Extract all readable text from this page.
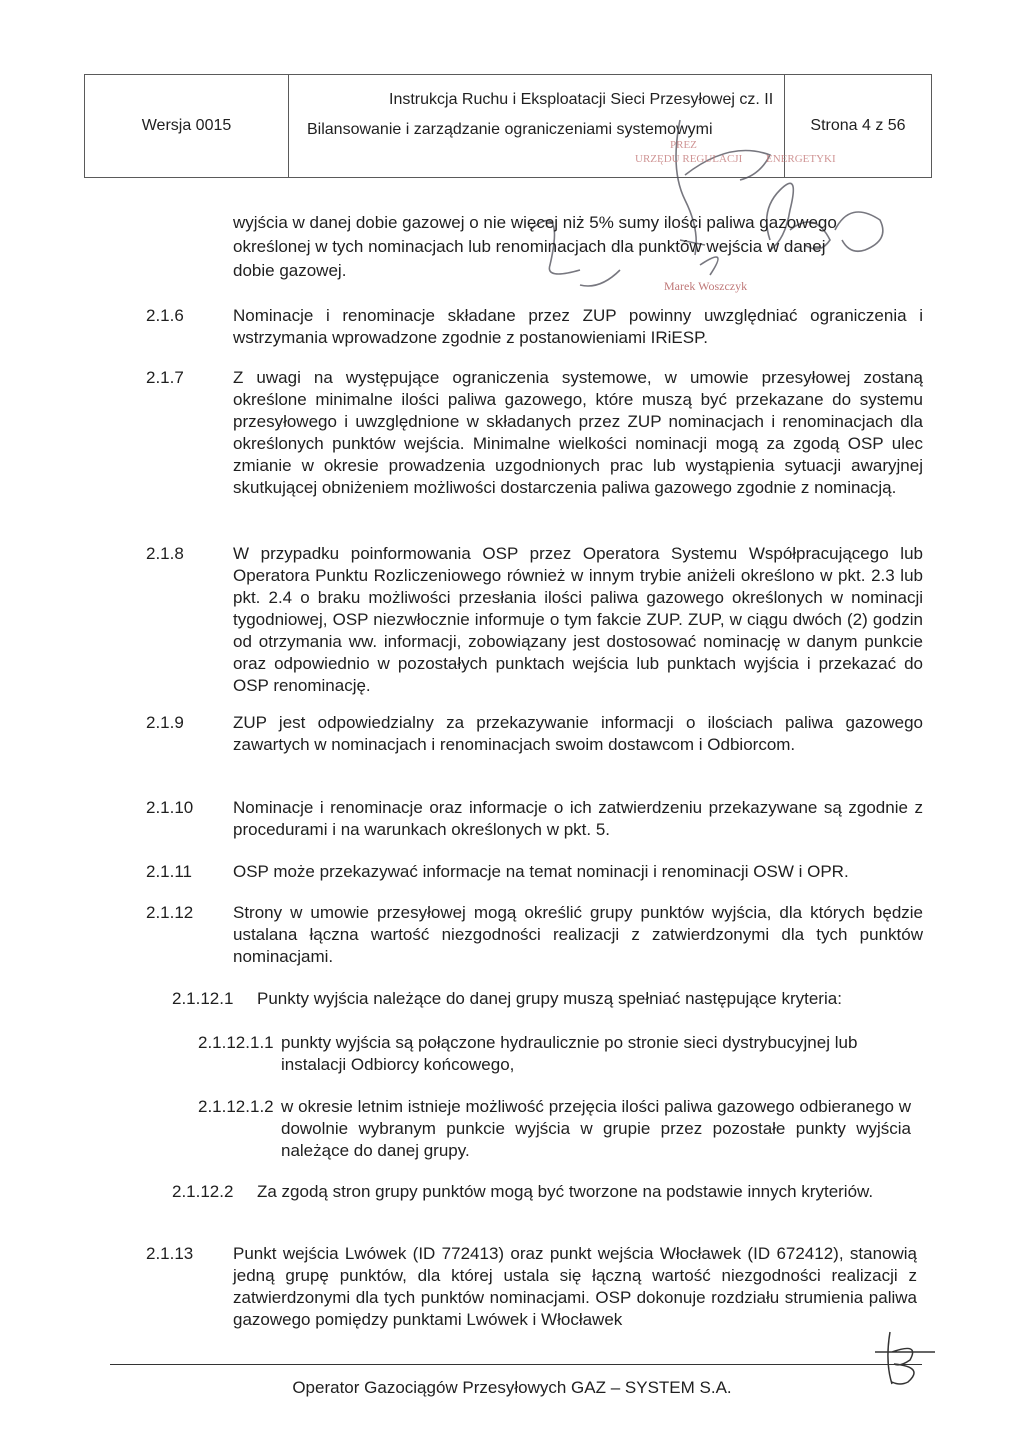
Wersja 0015
Instrukcja Ruchu i Eksploatacji Sieci Przesyłowej cz. II
Bilansowanie i zarządzanie ograniczeniami systemowymi	Strona 4 z 56
PREZ
URZĘDU REGULACJI ENERGETYKI
Marek Woszczyk
wyjścia w danej dobie gazowej o nie więcej niż 5% sumy ilości paliwa gazowego
określonej w tych nominacjach lub renominacjach dla punktów wejścia w danej
dobie gazowej.
2.1.6	Nominacje i renominacje składane przez ZUP powinny uwzględniać ograniczenia i wstrzymania wprowadzone zgodnie z postanowieniami IRiESP.
2.1.7	Z uwagi na występujące ograniczenia systemowe, w umowie przesyłowej zostaną określone minimalne ilości paliwa gazowego, które muszą być przekazane do systemu przesyłowego i uwzględnione w składanych przez ZUP nominacjach i renominacjach dla określonych punktów wejścia. Minimalne wielkości nominacji mogą za zgodą OSP ulec zmianie w okresie prowadzenia uzgodnionych prac lub wystąpienia sytuacji awaryjnej skutkującej obniżeniem możliwości dostarczenia paliwa gazowego zgodnie z nominacją.
2.1.8	W przypadku poinformowania OSP przez Operatora Systemu Współpracującego lub Operatora Punktu Rozliczeniowego również w innym trybie aniżeli określono w pkt. 2.3 lub pkt. 2.4 o braku możliwości przesłania ilości paliwa gazowego określonych w nominacji tygodniowej, OSP niezwłocznie informuje o tym fakcie ZUP. ZUP, w ciągu dwóch (2) godzin od otrzymania ww. informacji, zobowiązany jest dostosować nominację w danym punkcie oraz odpowiednio w pozostałych punktach wejścia lub punktach wyjścia i przekazać do OSP renominację.
2.1.9	ZUP jest odpowiedzialny za przekazywanie informacji o ilościach paliwa gazowego zawartych w nominacjach i renominacjach swoim dostawcom i Odbiorcom.
2.1.10 Nominacje i renominacje oraz informacje o ich zatwierdzeniu przekazywane są zgodnie z procedurami i na warunkach określonych w pkt. 5.
2.1.11 OSP może przekazywać informacje na temat nominacji i renominacji OSW i OPR.
2.1.12 Strony w umowie przesyłowej mogą określić grupy punktów wyjścia, dla których będzie ustalana łączna wartość niezgodności realizacji z zatwierdzonymi dla tych punktów nominacjami.
2.1.12.1 Punkty wyjścia należące do danej grupy muszą spełniać następujące kryteria:
2.1.12.1.1 punkty wyjścia są połączone hydraulicznie po stronie sieci dystrybucyjnej lub instalacji Odbiorcy końcowego,
2.1.12.1.2 w okresie letnim istnieje możliwość przejęcia ilości paliwa gazowego odbieranego w dowolnie wybranym punkcie wyjścia w grupie przez pozostałe punkty wyjścia należące do danej grupy.
2.1.12.2 Za zgodą stron grupy punktów mogą być tworzone na podstawie innych kryteriów.
2.1.13 Punkt wejścia Lwówek (ID 772413) oraz punkt wejścia Włocławek (ID 672412), stanowią jedną grupę punktów, dla której ustala się łączną wartość niezgodności realizacji z zatwierdzonymi dla tych punktów nominacjami. OSP dokonuje rozdziału strumienia paliwa gazowego pomiędzy punktami Lwówek i Włocławek
Operator Gazociągów Przesyłowych GAZ – SYSTEM S.A.
